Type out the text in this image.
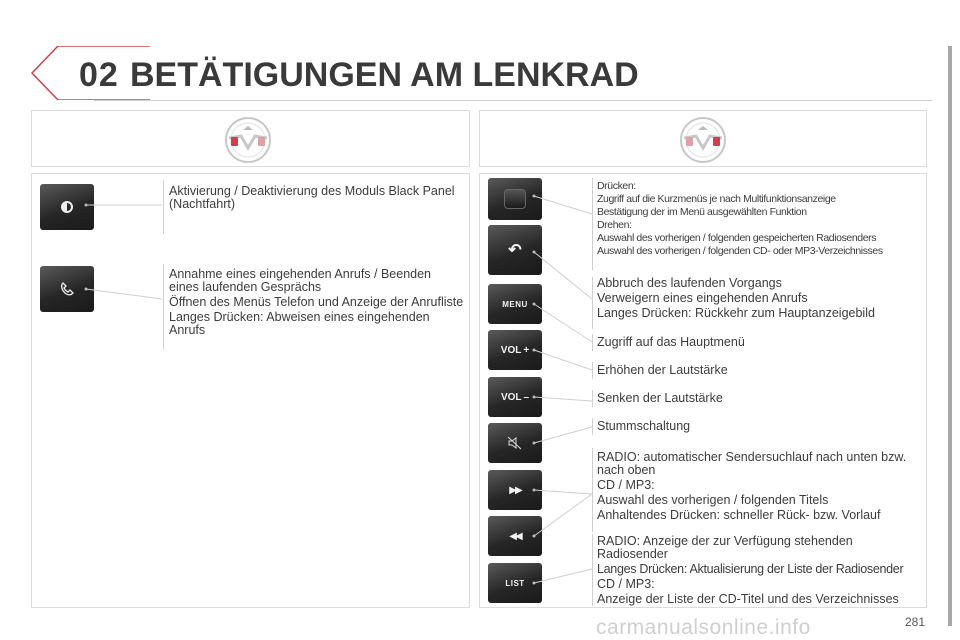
02 BETÄTIGUNGEN AM LENKRAD

Aktivierung / Deaktivierung des Moduls Black Panel (Nachtfahrt)

Annahme eines eingehenden Anrufs / Beenden eines laufenden Gesprächs

Öffnen des Menüs Telefon und Anzeige der Anrufliste

Langes Drücken: Abweisen eines eingehenden Anrufs

↶
MENU
VOL +
VOL –
▶▶
◀◀
LIST

Drücken:

Zugriff auf die Kurzmenüs je nach Multifunktionsanzeige

Bestätigung der im Menü ausgewählten Funktion

Drehen:

Auswahl des vorherigen / folgenden gespeicherten Radiosenders

Auswahl des vorherigen / folgenden CD- oder MP3-Verzeichnisses

Abbruch des laufenden Vorgangs

Verweigern eines eingehenden Anrufs

Langes Drücken: Rückkehr zum Hauptanzeigebild

Zugriff auf das Hauptmenü
Erhöhen der Lautstärke
Senken der Lautstärke
Stummschaltung

RADIO: automatischer Sendersuchlauf nach unten bzw. nach oben

CD / MP3:

Auswahl des vorherigen / folgenden Titels

Anhaltendes Drücken: schneller Rück- bzw. Vorlauf

RADIO: Anzeige der zur Verfügung stehenden Radiosender

Langes Drücken: Aktualisierung der Liste der Radiosender

CD / MP3:

Anzeige der Liste der CD-Titel und des Verzeichnisses

carmanualsonline.info	281
